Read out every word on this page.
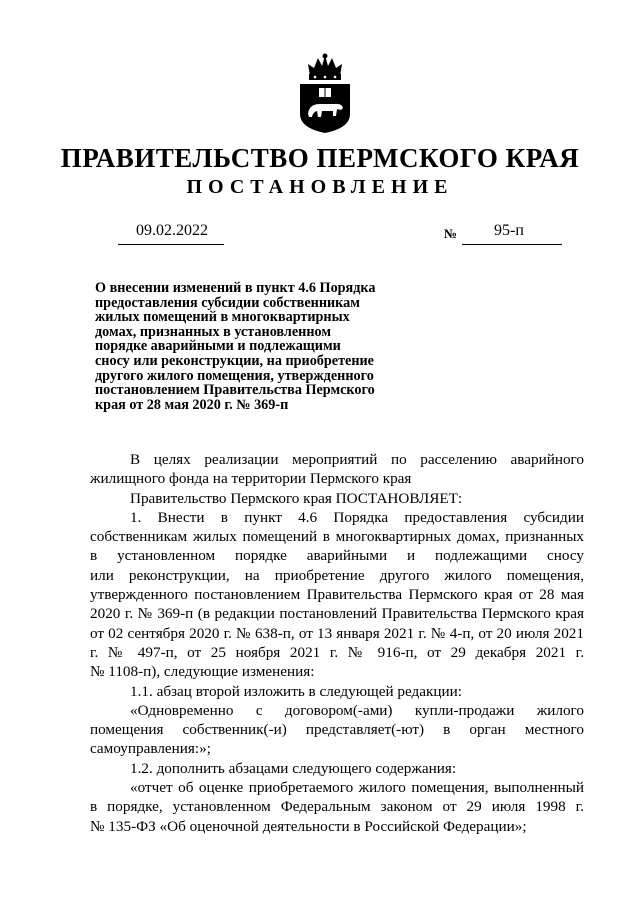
ПРАВИТЕЛЬСТВО ПЕРМСКОГО КРАЯ
ПОСТАНОВЛЕНИЕ
09.02.2022	№ 95-п
О внесении изменений в пункт 4.6 Порядка
предоставления субсидии собственникам
жилых помещений в многоквартирных
домах, признанных в установленном
порядке аварийными и подлежащими
сносу или реконструкции, на приобретение
другого жилого помещения, утвержденного
постановлением Правительства Пермского
края от 28 мая 2020 г. № 369-п
В целях реализации мероприятий по расселению аварийного
жилищного фонда на территории Пермского края
Правительство Пермского края ПОСТАНОВЛЯЕТ:
1. Внести в пункт 4.6 Порядка предоставления субсидии
собственникам жилых помещений в многоквартирных домах, признанных
в установленном порядке аварийными и подлежащими сносу
или реконструкции, на приобретение другого жилого помещения,
утвержденного постановлением Правительства Пермского края от 28 мая
2020 г. № 369-п (в редакции постановлений Правительства Пермского края
от 02 сентября 2020 г. № 638-п, от 13 января 2021 г. № 4-п, от 20 июля 2021
г. № 497-п, от 25 ноября 2021 г. № 916-п, от 29 декабря 2021 г.
№ 1108-п), следующие изменения:
1.1. абзац второй изложить в следующей редакции:
«Одновременно с договором(-ами) купли-продажи жилого
помещения собственник(-и) представляет(-ют) в орган местного
самоуправления:»;
1.2. дополнить абзацами следующего содержания:
«отчет об оценке приобретаемого жилого помещения, выполненный
в порядке, установленном Федеральным законом от 29 июля 1998 г.
№ 135-ФЗ «Об оценочной деятельности в Российской Федерации»;
